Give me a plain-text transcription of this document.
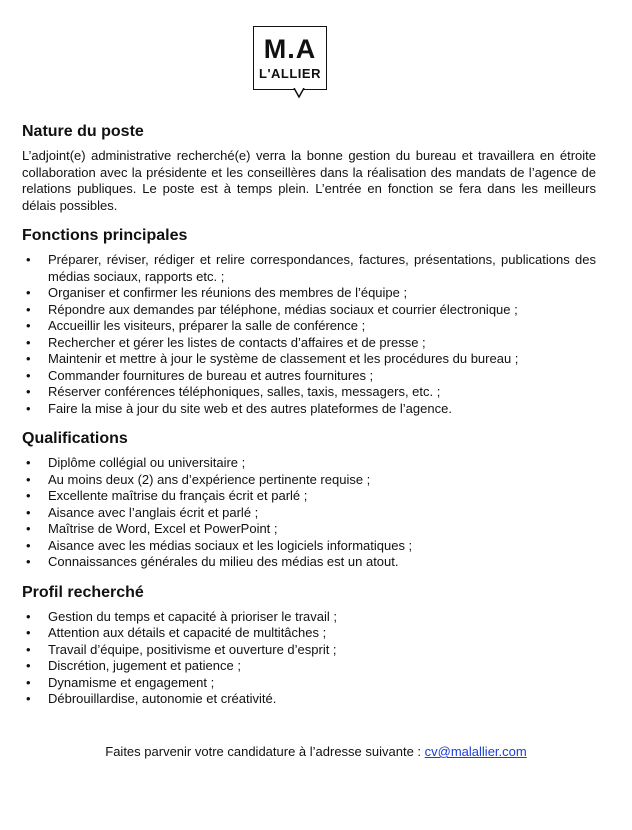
M.A
L'ALLIER
Nature du poste

L’adjoint(e) administrative recherché(e) verra la bonne gestion du bureau et travaillera en étroite collaboration avec la présidente et les conseillères dans la réalisation des mandats de l’agence de relations publiques. Le poste est à temps plein. L’entrée en fonction se fera dans les meilleurs délais possibles.

Fonctions principales
• Préparer, réviser, rédiger et relire correspondances, factures, présentations, publications des médias sociaux, rapports etc. ;
• Organiser et confirmer les réunions des membres de l’équipe ;
• Répondre aux demandes par téléphone, médias sociaux et courrier électronique ;
• Accueillir les visiteurs, préparer la salle de conférence ;
• Rechercher et gérer les listes de contacts d’affaires et de presse ;
• Maintenir et mettre à jour le système de classement et les procédures du bureau ;
• Commander fournitures de bureau et autres fournitures ;
• Réserver conférences téléphoniques, salles, taxis, messagers, etc. ;
• Faire la mise à jour du site web et des autres plateformes de l’agence.
Qualifications
• Diplôme collégial ou universitaire ;
• Au moins deux (2) ans d’expérience pertinente requise ;
• Excellente maîtrise du français écrit et parlé ;
• Aisance avec l’anglais écrit et parlé ;
• Maîtrise de Word, Excel et PowerPoint ;
• Aisance avec les médias sociaux et les logiciels informatiques ;
• Connaissances générales du milieu des médias est un atout.
Profil recherché
• Gestion du temps et capacité à prioriser le travail ;
• Attention aux détails et capacité de multitâches ;
• Travail d’équipe, positivisme et ouverture d’esprit ;
• Discrétion, jugement et patience ;
• Dynamisme et engagement ;
• Débrouillardise, autonomie et créativité.
Faites parvenir votre candidature à l’adresse suivante : cv@malallier.com
